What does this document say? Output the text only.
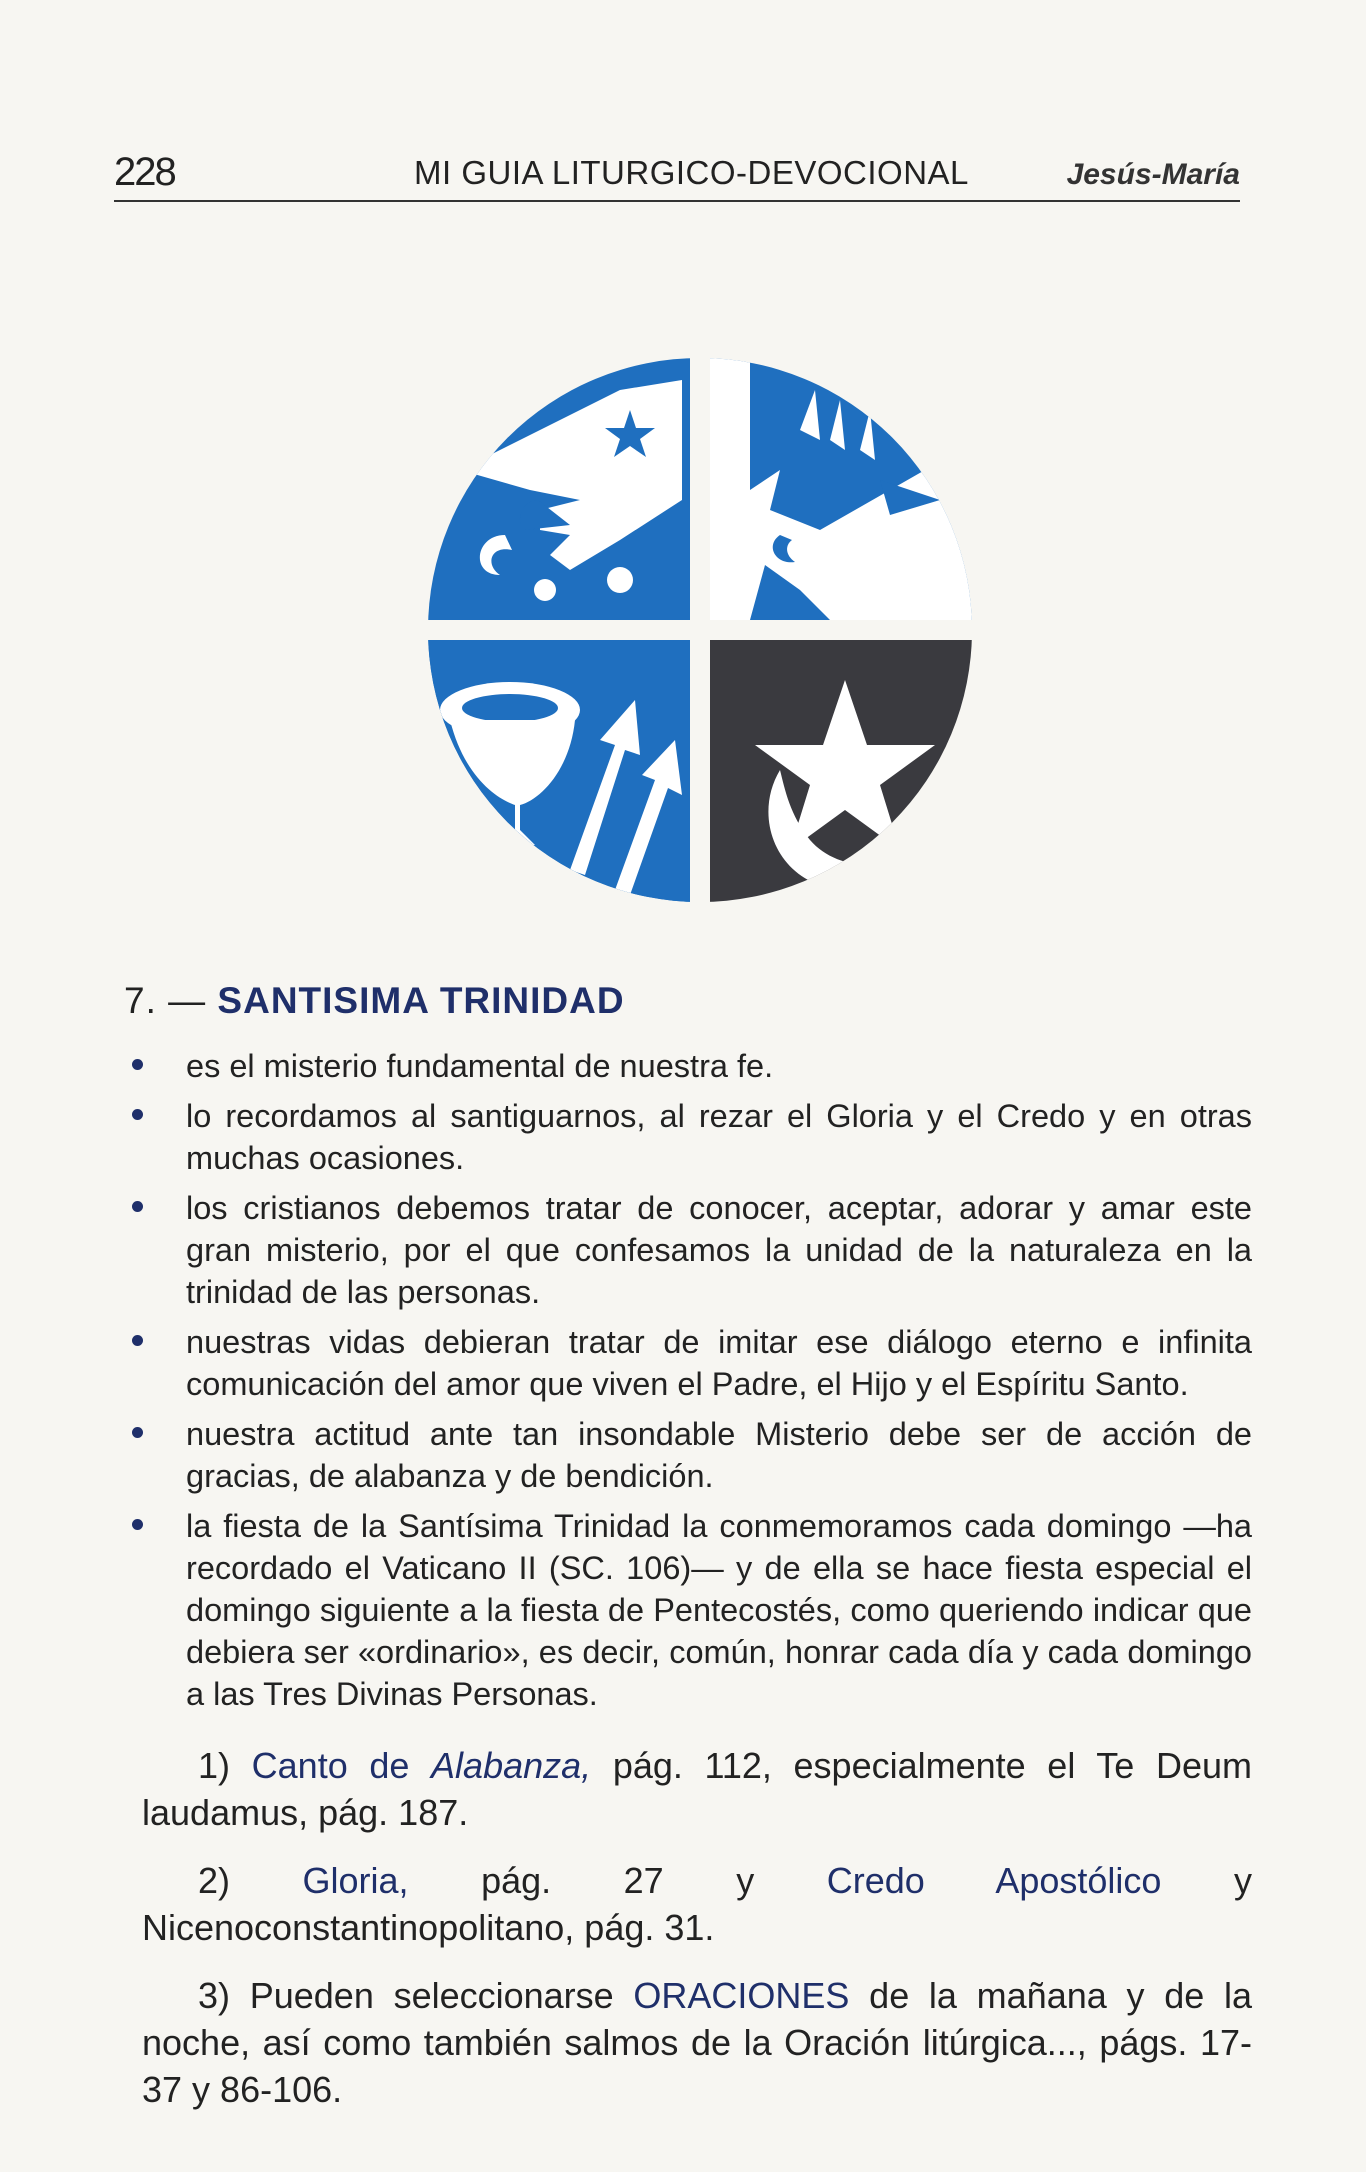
228	MI GUIA LITURGICO-DEVOCIONAL	Jesús-María
7. — SANTISIMA TRINIDAD
es el misterio fundamental de nuestra fe.
lo recordamos al santiguarnos, al rezar el Gloria y el Credo y en otras muchas ocasiones.
los cristianos debemos tratar de conocer, aceptar, adorar y amar este gran misterio, por el que confesamos la unidad de la naturaleza en la trinidad de las personas.
nuestras vidas debieran tratar de imitar ese diálogo eterno e infinita comunicación del amor que viven el Padre, el Hijo y el Espíritu Santo.
nuestra actitud ante tan insondable Misterio debe ser de acción de gracias, de alabanza y de bendición.
la fiesta de la Santísima Trinidad la conmemoramos cada domingo —ha recordado el Vaticano II (SC. 106)— y de ella se hace fiesta especial el domingo siguiente a la fiesta de Pentecostés, como queriendo indicar que debiera ser «ordinario», es decir, común, honrar cada día y cada domingo a las Tres Divinas Personas.

1) Canto de Alabanza, pág. 112, especialmente el Te Deum laudamus, pág. 187.

2) Gloria, pág. 27 y Credo Apostólico y Nicenoconstantinopolitano, pág. 31.

3) Pueden seleccionarse ORACIONES de la mañana y de la noche, así como también salmos de la Oración litúrgica..., págs. 17-37 y 86-106.
